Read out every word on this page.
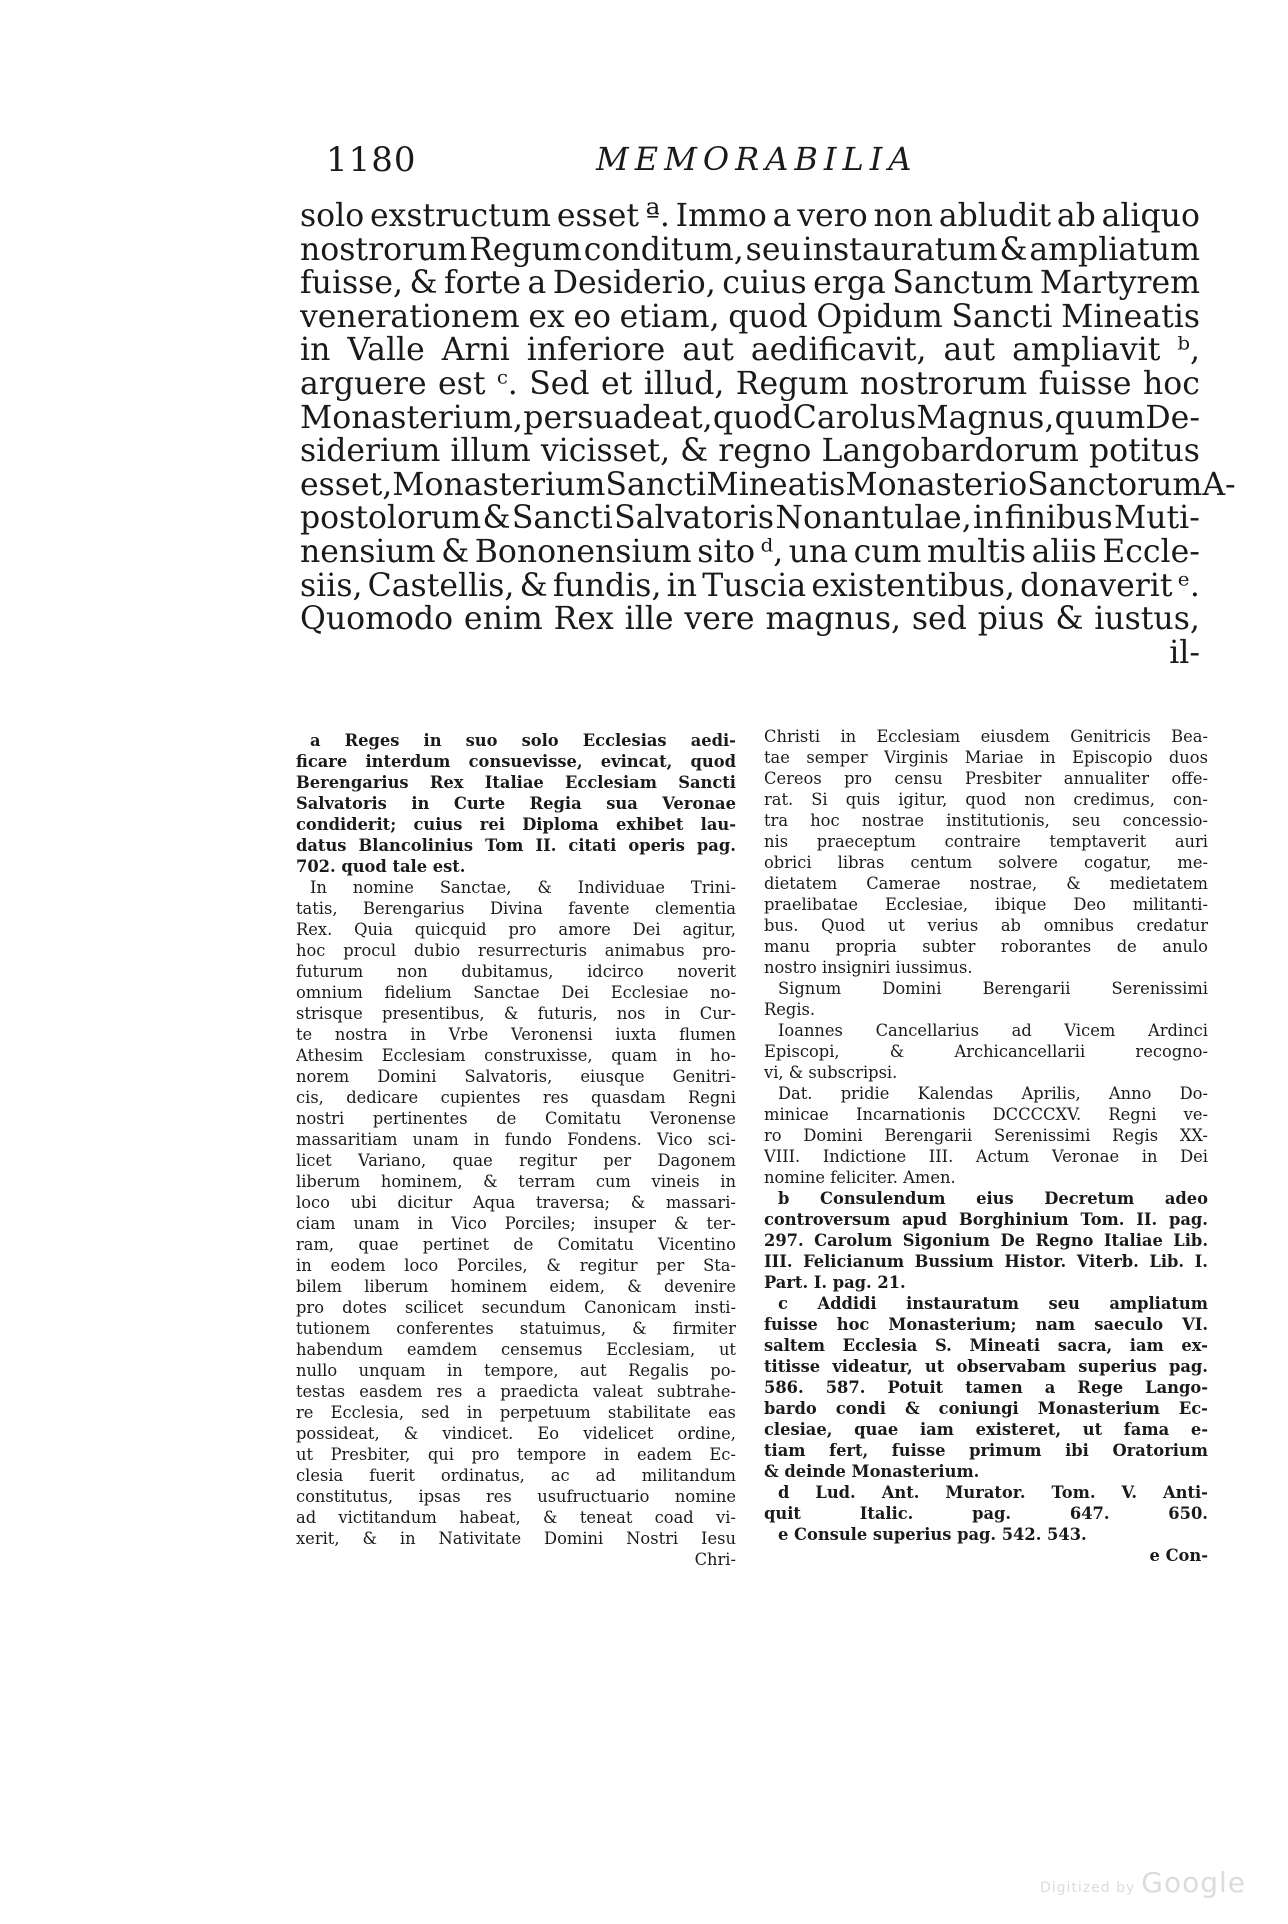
1180	MEMORABILIA
solo exstructum esset ª. Immo a vero non abludit ab aliquo
nostrorum Regum conditum, seu instauratum & ampliatum
fuisse, & forte a Desiderio, cuius erga Sanctum Martyrem
venerationem ex eo etiam, quod Opidum Sancti Mineatis
in Valle Arni inferiore aut aedificavit, aut ampliavit ᵇ,
arguere est ᶜ. Sed et illud, Regum nostrorum fuisse hoc
Monasterium, persuadeat, quod Carolus Magnus, quum De-
siderium illum vicisset, & regno Langobardorum potitus
esset, Monasterium Sancti Mineatis Monasterio Sanctorum A-
postolorum & Sancti Salvatoris Nonantulae, in finibus Muti-
nensium & Bononensium sito ᵈ, una cum multis aliis Eccle-
siis, Castellis, & fundis, in Tuscia existentibus, donaverit ᵉ.
Quomodo enim Rex ille vere magnus, sed pius & iustus,
il-
a Reges in suo solo Ecclesias aedi-
ficare interdum consuevisse, evincat, quod
Berengarius Rex Italiae Ecclesiam Sancti
Salvatoris in Curte Regia sua Veronae
condiderit; cuius rei Diploma exhibet lau-
datus Blancolinius Tom II. citati operis pag.
702. quod tale est.
In nomine Sanctae, & Individuae Trini-
tatis, Berengarius Divina favente clementia
Rex. Quia quicquid pro amore Dei agitur,
hoc procul dubio resurrecturis animabus pro-
futurum non dubitamus, idcirco noverit
omnium fidelium Sanctae Dei Ecclesiae no-
strisque presentibus, & futuris, nos in Cur-
te nostra in Vrbe Veronensi iuxta flumen
Athesim Ecclesiam construxisse, quam in ho-
norem Domini Salvatoris, eiusque Genitri-
cis, dedicare cupientes res quasdam Regni
nostri pertinentes de Comitatu Veronense
massaritiam unam in fundo Fondens. Vico sci-
licet Variano, quae regitur per Dagonem
liberum hominem, & terram cum vineis in
loco ubi dicitur Aqua traversa; & massari-
ciam unam in Vico Porciles; insuper & ter-
ram, quae pertinet de Comitatu Vicentino
in eodem loco Porciles, & regitur per Sta-
bilem liberum hominem eidem, & devenire
pro dotes scilicet secundum Canonicam insti-
tutionem conferentes statuimus, & firmiter
habendum eamdem censemus Ecclesiam, ut
nullo unquam in tempore, aut Regalis po-
testas easdem res a praedicta valeat subtrahe-
re Ecclesia, sed in perpetuum stabilitate eas
possideat, & vindicet. Eo videlicet ordine,
ut Presbiter, qui pro tempore in eadem Ec-
clesia fuerit ordinatus, ac ad militandum
constitutus, ipsas res usufructuario nomine
ad victitandum habeat, & teneat coad vi-
xerit, & in Nativitate Domini Nostri Iesu
Chri-
Christi in Ecclesiam eiusdem Genitricis Bea-
tae semper Virginis Mariae in Episcopio duos
Cereos pro censu Presbiter annualiter offe-
rat. Si quis igitur, quod non credimus, con-
tra hoc nostrae institutionis, seu concessio-
nis praeceptum contraire temptaverit auri
obrici libras centum solvere cogatur, me-
dietatem Camerae nostrae, & medietatem
praelibatae Ecclesiae, ibique Deo militanti-
bus. Quod ut verius ab omnibus credatur
manu propria subter roborantes de anulo
nostro insigniri iussimus.
Signum	Domini	Berengarii	Serenissimi
Regis.
Ioannes Cancellarius ad Vicem Ardinci
Episcopi,	&	Archicancellarii	recogno-
vi, & subscripsi.
Dat. pridie Kalendas Aprilis, Anno Do-
minicae Incarnationis DCCCCXV. Regni ve-
ro Domini Berengarii Serenissimi Regis XX-
VIII. Indictione III. Actum Veronae in Dei
nomine feliciter. Amen.
b Consulendum eius Decretum adeo
controversum apud Borghinium Tom. II. pag.
297. Carolum Sigonium De Regno Italiae Lib.
III. Felicianum Bussium Histor. Viterb. Lib. I.
Part. I. pag. 21.
c Addidi instauratum seu ampliatum
fuisse hoc Monasterium; nam saeculo VI.
saltem Ecclesia S. Mineati sacra, iam ex-
titisse videatur, ut observabam superius pag.
586. 587. Potuit tamen a Rege Lango-
bardo condi & coniungi Monasterium Ec-
clesiae, quae iam existeret, ut fama e-
tiam fert, fuisse primum ibi Oratorium
& deinde Monasterium.
d Lud. Ant. Murator. Tom. V. Anti-
quit	Italic.	pag.	647.	650.
e Consule superius pag. 542. 543.
e Con-
Digitized by Google
